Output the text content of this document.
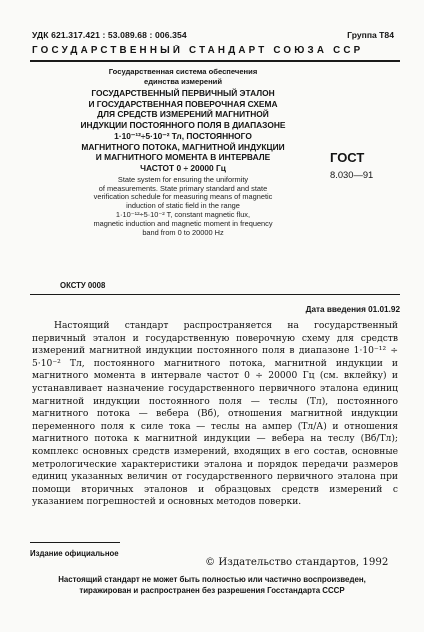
УДК 621.317.421 : 53.089.68 : 006.354	Группа Т84
ГОСУДАРСТВЕННЫЙ СТАНДАРТ СОЮЗА ССР
Государственная система обеспечения
единства измерений
ГОСУДАРСТВЕННЫЙ ПЕРВИЧНЫЙ ЭТАЛОН
И ГОСУДАРСТВЕННАЯ ПОВЕРОЧНАЯ СХЕМА
ДЛЯ СРЕДСТВ ИЗМЕРЕНИЙ МАГНИТНОЙ
ИНДУКЦИИ ПОСТОЯННОГО ПОЛЯ В ДИАПАЗОНЕ
1·10⁻¹²÷5·10⁻² Тл, ПОСТОЯННОГО
МАГНИТНОГО ПОТОКА, МАГНИТНОЙ ИНДУКЦИИ
И МАГНИТНОГО МОМЕНТА В ИНТЕРВАЛЕ
ЧАСТОТ 0 ÷ 20000 Гц
State system for ensuring the uniformity
of measurements. State primary standard and state
verification schedule for measuring means of magnetic
induction of static field in the range
1·10⁻¹²÷5·10⁻² T, constant magnetic flux,
magnetic induction and magnetic moment in frequency
band from 0 to 20000 Hz
ГОСТ
8.030—91
ОКСТУ 0008
Дата введения 01.01.92

Настоящий стандарт распространяется на государственный первичный эталон и государственную поверочную схему для средств измерений магнитной индукции постоянного поля в диапазоне 1·10⁻¹² ÷ 5·10⁻² Тл, постоянного магнитного потока, магнитной индукции и магнитного момента в интервале частот 0 ÷ 20000 Гц (см. вклейку) и устанавливает назначение государственного первичного эталона единиц магнитной индукции постоянного поля — теслы (Тл), постоянного магнитного потока — вебера (Вб), отношения магнитной индукции переменного поля к силе тока — теслы на ампер (Тл/А) и отношения магнитного потока к магнитной индукции — вебера на теслу (Вб/Тл); комплекс основных средств измерений, входящих в его состав, основные метрологические характеристики эталона и порядок передачи размеров единиц указанных величин от государственного первичного эталона при помощи вторичных эталонов и образцовых средств измерений с указанием погрешностей и основных методов поверки.

Издание официальное
© Издательство стандартов, 1992
Настоящий стандарт не может быть полностью или частично воспроизведен,
тиражирован и распространен без разрешения Госстандарта СССР
